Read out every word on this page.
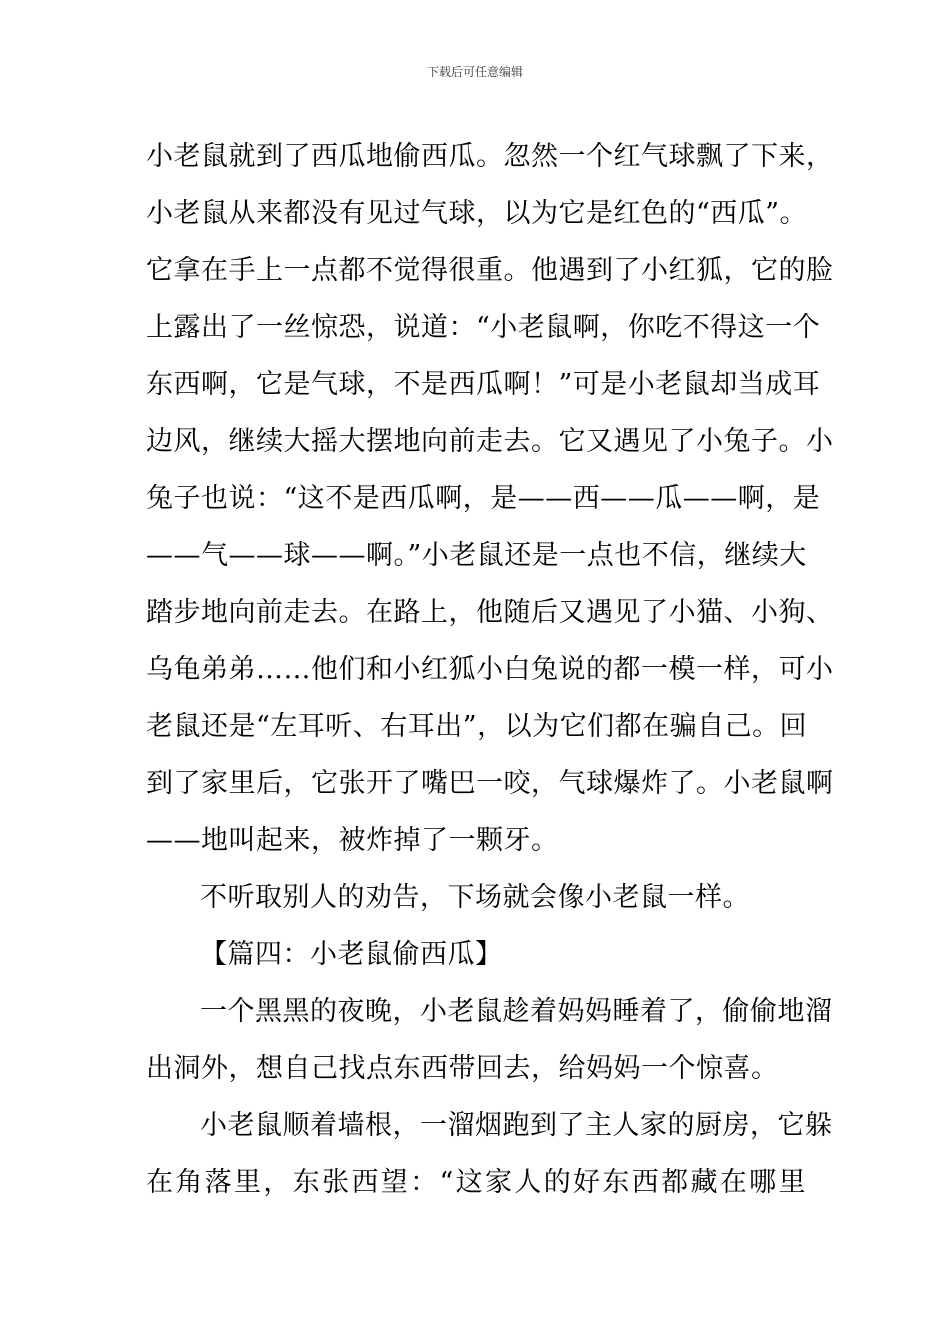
下载后可任意编辑
小老鼠就到了西瓜地偷西瓜。忽然一个红气球飘了下来，
小老鼠从来都没有见过气球，以为它是红色的“西瓜”。
它拿在手上一点都不觉得很重。他遇到了小红狐，它的脸
上露出了一丝惊恐，说道：“小老鼠啊，你吃不得这一个
东西啊，它是气球，不是西瓜啊！”可是小老鼠却当成耳
边风，继续大摇大摆地向前走去。它又遇见了小兔子。小
兔子也说：“这不是西瓜啊，是——西——瓜——啊，是
——气——球——啊。”小老鼠还是一点也不信，继续大
踏步地向前走去。在路上，他随后又遇见了小猫、小狗、
乌龟弟弟……他们和小红狐小白兔说的都一模一样，可小
老鼠还是“左耳听、右耳出”，以为它们都在骗自己。回
到了家里后，它张开了嘴巴一咬，气球爆炸了。小老鼠啊
——地叫起来，被炸掉了一颗牙。
不听取别人的劝告，下场就会像小老鼠一样。
【篇四：小老鼠偷西瓜】
一个黑黑的夜晚，小老鼠趁着妈妈睡着了，偷偷地溜
出洞外，想自己找点东西带回去，给妈妈一个惊喜。
小老鼠顺着墙根，一溜烟跑到了主人家的厨房，它躲
在角落里，东张西望：“这家人的好东西都藏在哪里
